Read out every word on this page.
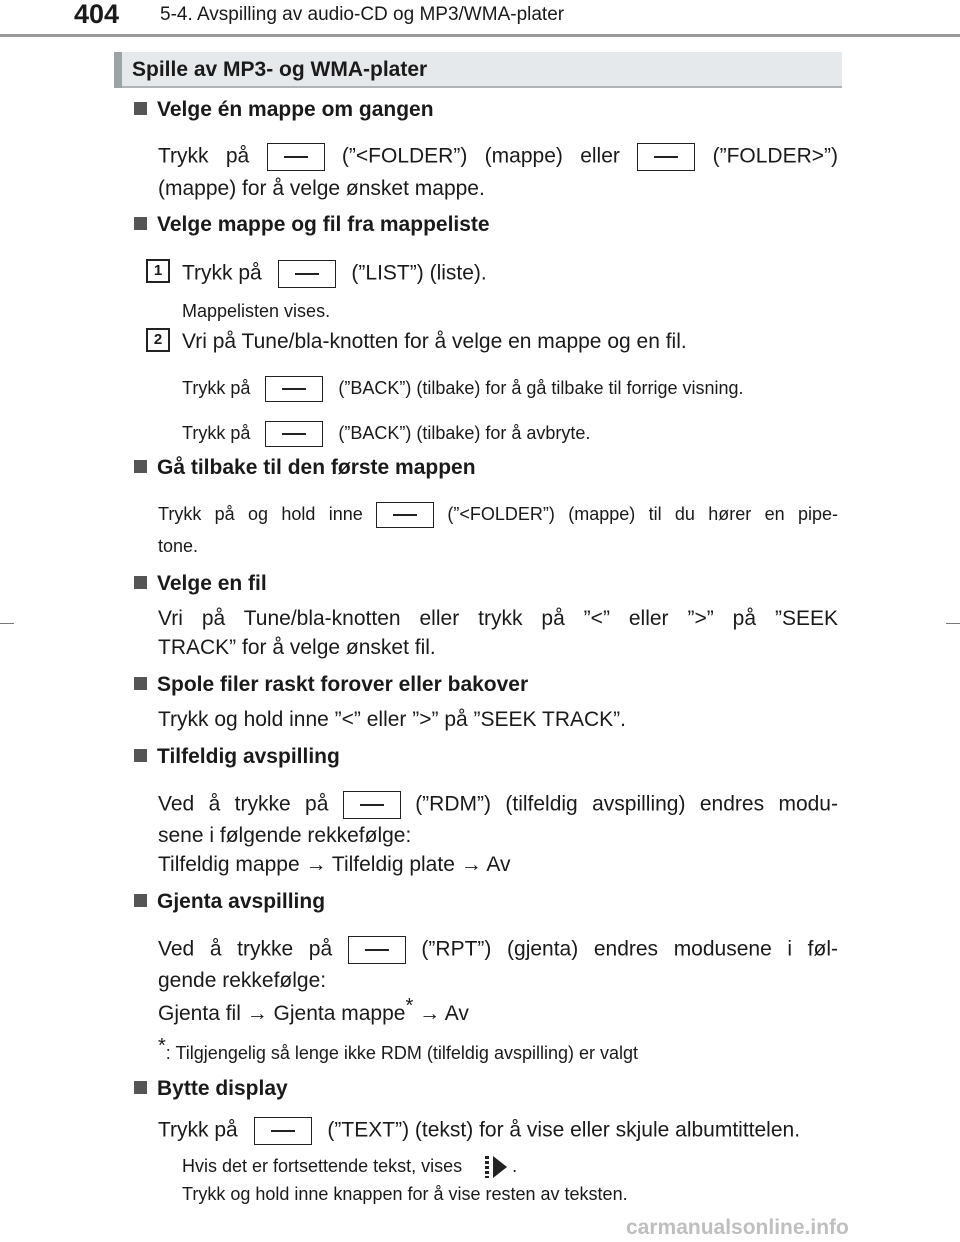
404 5-4. Avspilling av audio-CD og MP3/WMA-plater
Spille av MP3- og WMA-plater
Velge én mappe om gangen
Trykk på	(”<FOLDER”) (mappe) eller	(”FOLDER>”)
(mappe) for å velge ønsket mappe.
Velge mappe og fil fra mappeliste
1 Trykk på	(”LIST”) (liste).
Mappelisten vises.
2 Vri på Tune/bla-knotten for å velge en mappe og en fil.
Trykk på	(”BACK”) (tilbake) for å gå tilbake til forrige visning.
Trykk på	(”BACK”) (tilbake) for å avbryte.
Gå tilbake til den første mappen
Trykk på og hold inne	(”<FOLDER”) (mappe) til du hører en pipe-
tone.
Velge en fil
Vri på Tune/bla-knotten eller trykk på ”<” eller ”>” på ”SEEK
TRACK” for å velge ønsket fil.
Spole filer raskt forover eller bakover
Trykk og hold inne ”<” eller ”>” på ”SEEK TRACK”.
Tilfeldig avspilling
Ved å trykke på	(”RDM”) (tilfeldig avspilling) endres modu-
sene i følgende rekkefølge:
Tilfeldig mappe → Tilfeldig plate → Av
Gjenta avspilling
Ved å trykke på	(”RPT”) (gjenta) endres modusene i føl-
gende rekkefølge:
Gjenta fil → Gjenta mappe* → Av
*: Tilgjengelig så lenge ikke RDM (tilfeldig avspilling) er valgt
Bytte display
Trykk på	(”TEXT”) (tekst) for å vise eller skjule albumtittelen.
Hvis det er fortsettende tekst, vises	.
Trykk og hold inne knappen for å vise resten av teksten.
carmanualsonline.info
